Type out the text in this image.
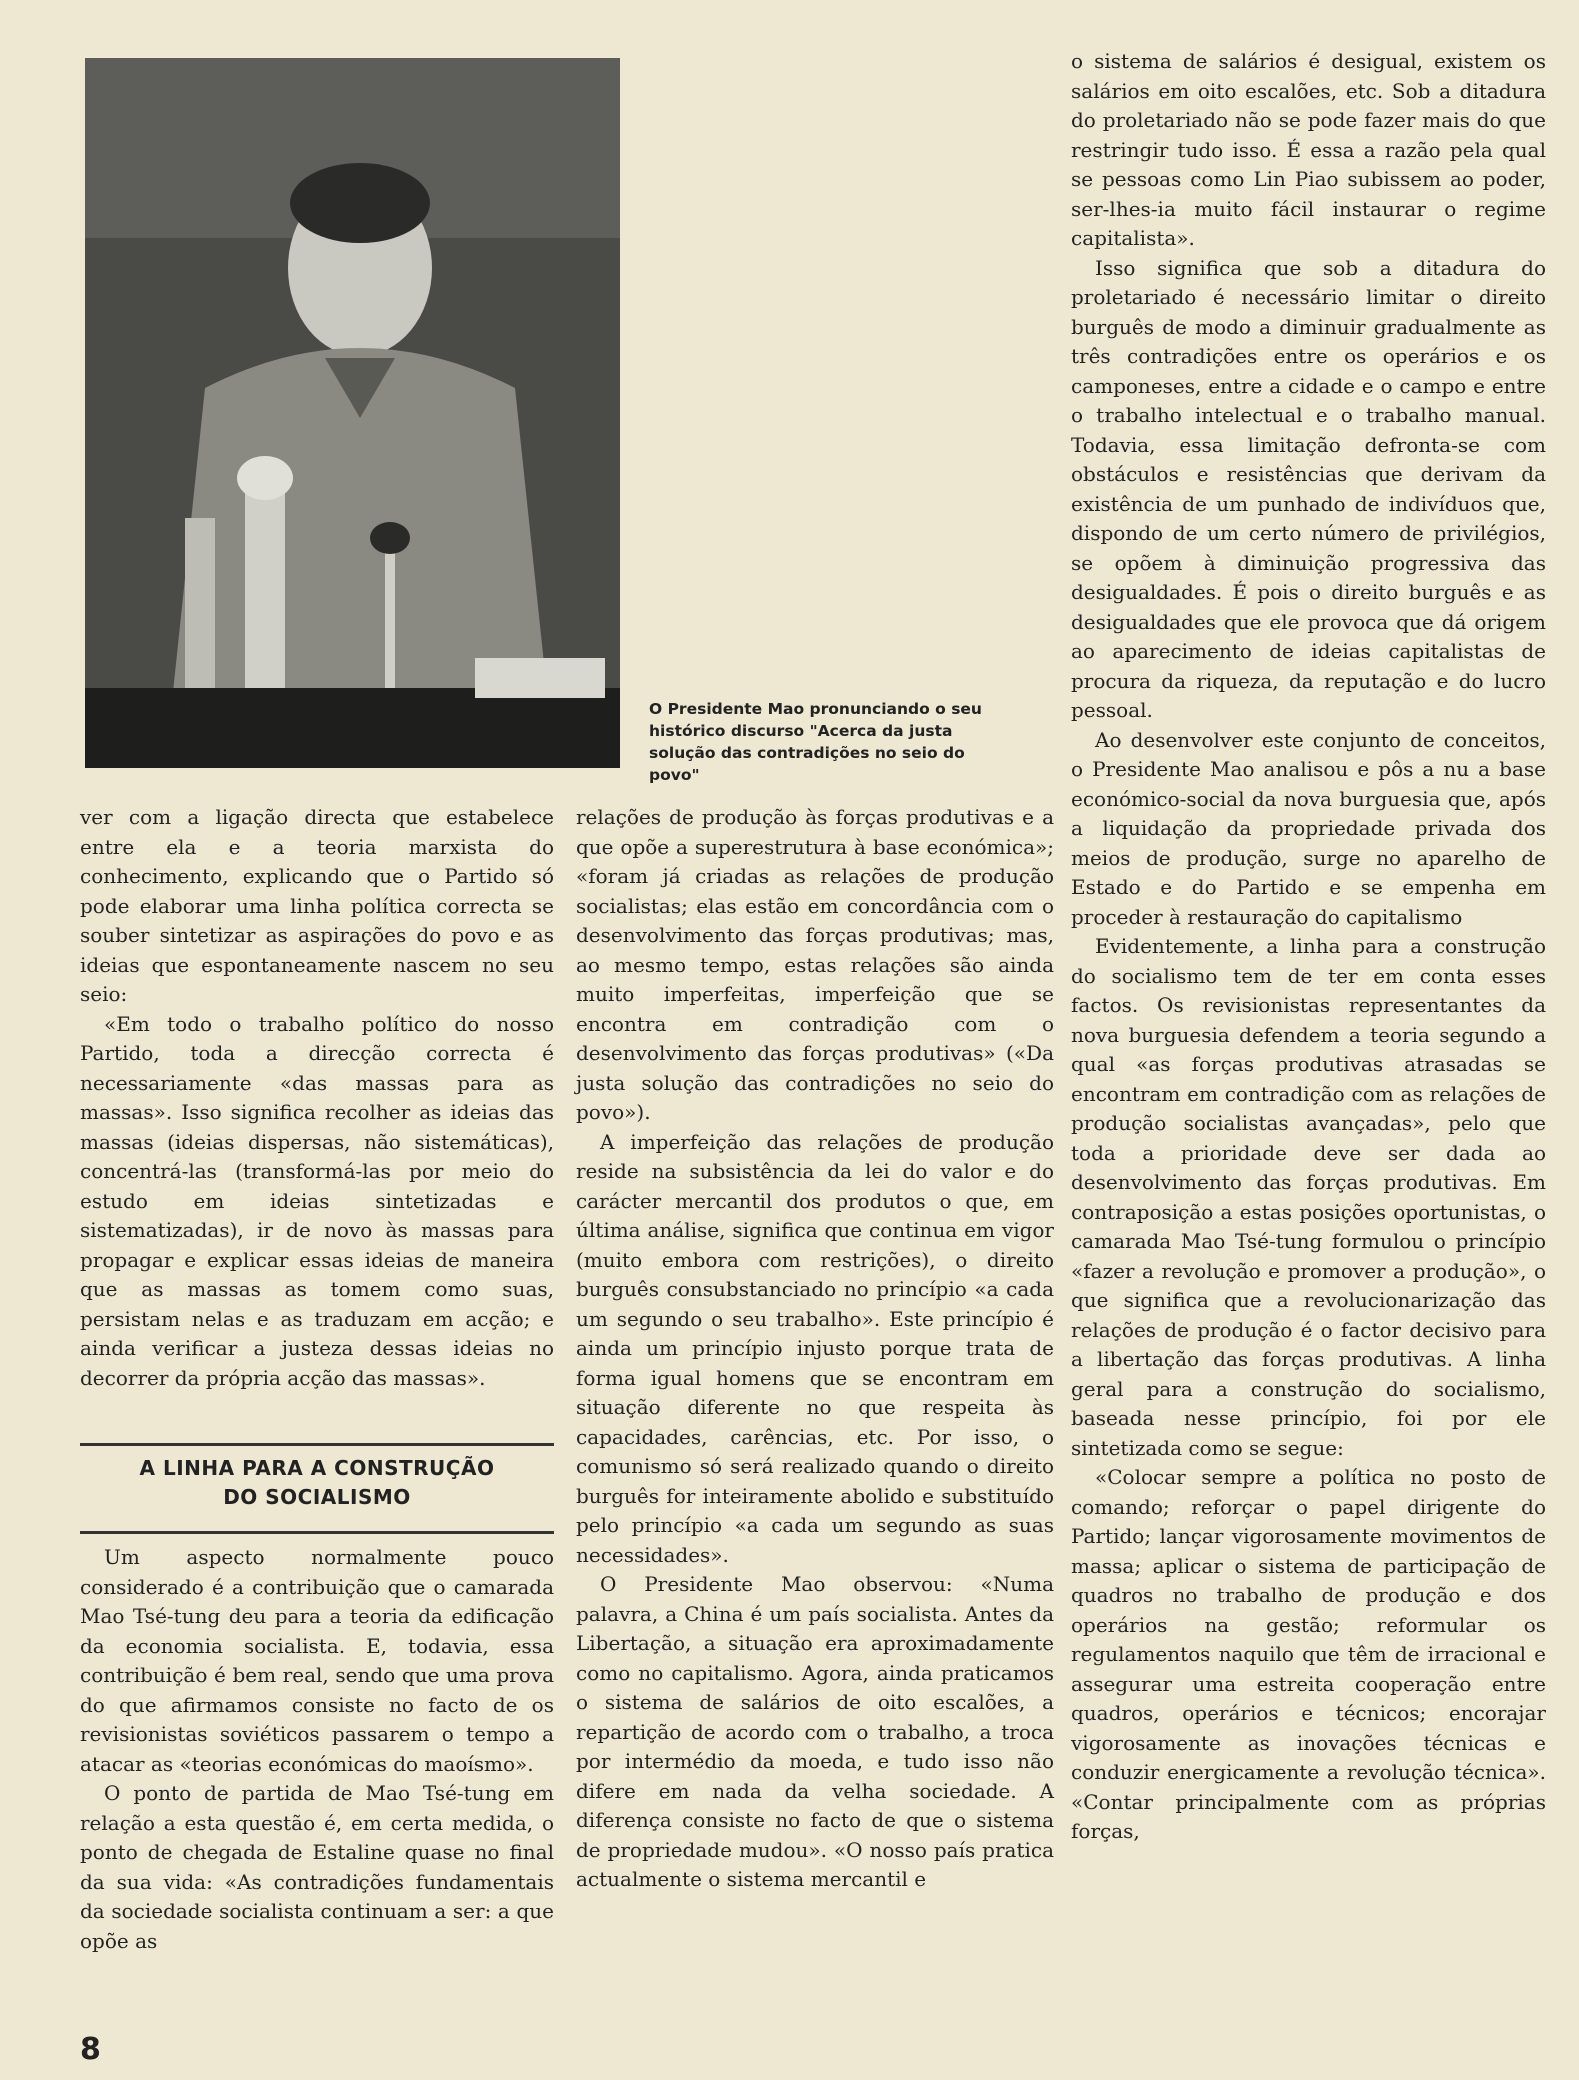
O Presidente Mao pronunciando o seu histórico discurso "Acerca da justa solução das contradições no seio do povo"

ver com a ligação directa que estabelece entre ela e a teoria marxista do conhecimento, explicando que o Partido só pode elaborar uma linha política correcta se souber sintetizar as aspirações do povo e as ideias que espontaneamente nascem no seu seio:

«Em todo o trabalho político do nosso Partido, toda a direcção correcta é necessariamente «das massas para as massas». Isso significa recolher as ideias das massas (ideias dispersas, não sistemáticas), concentrá-las (transformá-las por meio do estudo em ideias sintetizadas e sistematizadas), ir de novo às massas para propagar e explicar essas ideias de maneira que as massas as tomem como suas, persistam nelas e as traduzam em acção; e ainda verificar a justeza dessas ideias no decorrer da própria acção das massas».

A LINHA PARA A CONSTRUÇÃO
DO SOCIALISMO

Um aspecto normalmente pouco considerado é a contribuição que o camarada Mao Tsé-tung deu para a teoria da edificação da economia socialista. E, todavia, essa contribuição é bem real, sendo que uma prova do que afirmamos consiste no facto de os revisionistas soviéticos passarem o tempo a atacar as «teorias económicas do maoísmo».

O ponto de partida de Mao Tsé-tung em relação a esta questão é, em certa medida, o ponto de chegada de Estaline quase no final da sua vida: «As contradições fundamentais da sociedade socialista continuam a ser: a que opõe as

relações de produção às forças produtivas e a que opõe a superestrutura à base económica»; «foram já criadas as relações de produção socialistas; elas estão em concordância com o desenvolvimento das forças produtivas; mas, ao mesmo tempo, estas relações são ainda muito imperfeitas, imperfeição que se encontra em contradição com o desenvolvimento das forças produtivas» («Da justa solução das contradições no seio do povo»).

A imperfeição das relações de produção reside na subsistência da lei do valor e do carácter mercantil dos produtos o que, em última análise, significa que continua em vigor (muito embora com restrições), o direito burguês consubstanciado no princípio «a cada um segundo o seu trabalho». Este princípio é ainda um princípio injusto porque trata de forma igual homens que se encontram em situação diferente no que respeita às capacidades, carências, etc. Por isso, o comunismo só será realizado quando o direito burguês for inteiramente abolido e substituído pelo princípio «a cada um segundo as suas necessidades».

O Presidente Mao observou: «Numa palavra, a China é um país socialista. Antes da Libertação, a situação era aproximadamente como no capitalismo. Agora, ainda praticamos o sistema de salários de oito escalões, a repartição de acordo com o trabalho, a troca por intermédio da moeda, e tudo isso não difere em nada da velha sociedade. A diferença consiste no facto de que o sistema de propriedade mudou». «O nosso país pratica actualmente o sistema mercantil e

o sistema de salários é desigual, existem os salários em oito escalões, etc. Sob a ditadura do proletariado não se pode fazer mais do que restringir tudo isso. É essa a razão pela qual se pessoas como Lin Piao subissem ao poder, ser-lhes-ia muito fácil instaurar o regime capitalista».

Isso significa que sob a ditadura do proletariado é necessário limitar o direito burguês de modo a diminuir gradualmente as três contradições entre os operários e os camponeses, entre a cidade e o campo e entre o trabalho intelectual e o trabalho manual. Todavia, essa limitação defronta-se com obstáculos e resistências que derivam da existência de um punhado de indivíduos que, dispondo de um certo número de privilégios, se opõem à diminuição progressiva das desigualdades. É pois o direito burguês e as desigualdades que ele provoca que dá origem ao aparecimento de ideias capitalistas de procura da riqueza, da reputação e do lucro pessoal.

Ao desenvolver este conjunto de conceitos, o Presidente Mao analisou e pôs a nu a base económico-social da nova burguesia que, após a liquidação da propriedade privada dos meios de produção, surge no aparelho de Estado e do Partido e se empenha em proceder à restauração do capitalismo

Evidentemente, a linha para a construção do socialismo tem de ter em conta esses factos. Os revisionistas representantes da nova burguesia defendem a teoria segundo a qual «as forças produtivas atrasadas se encontram em contradição com as relações de produção socialistas avançadas», pelo que toda a prioridade deve ser dada ao desenvolvimento das forças produtivas. Em contraposição a estas posições oportunistas, o camarada Mao Tsé-tung formulou o princípio «fazer a revolução e promover a produção», o que significa que a revolucionarização das relações de produção é o factor decisivo para a libertação das forças produtivas. A linha geral para a construção do socialismo, baseada nesse princípio, foi por ele sintetizada como se segue:

«Colocar sempre a política no posto de comando; reforçar o papel dirigente do Partido; lançar vigorosamente movimentos de massa; aplicar o sistema de participação de quadros no trabalho de produção e dos operários na gestão; reformular os regulamentos naquilo que têm de irracional e assegurar uma estreita cooperação entre quadros, operários e técnicos; encorajar vigorosamente as inovações técnicas e conduzir energicamente a revolução técnica». «Contar principalmente com as próprias forças,

8
